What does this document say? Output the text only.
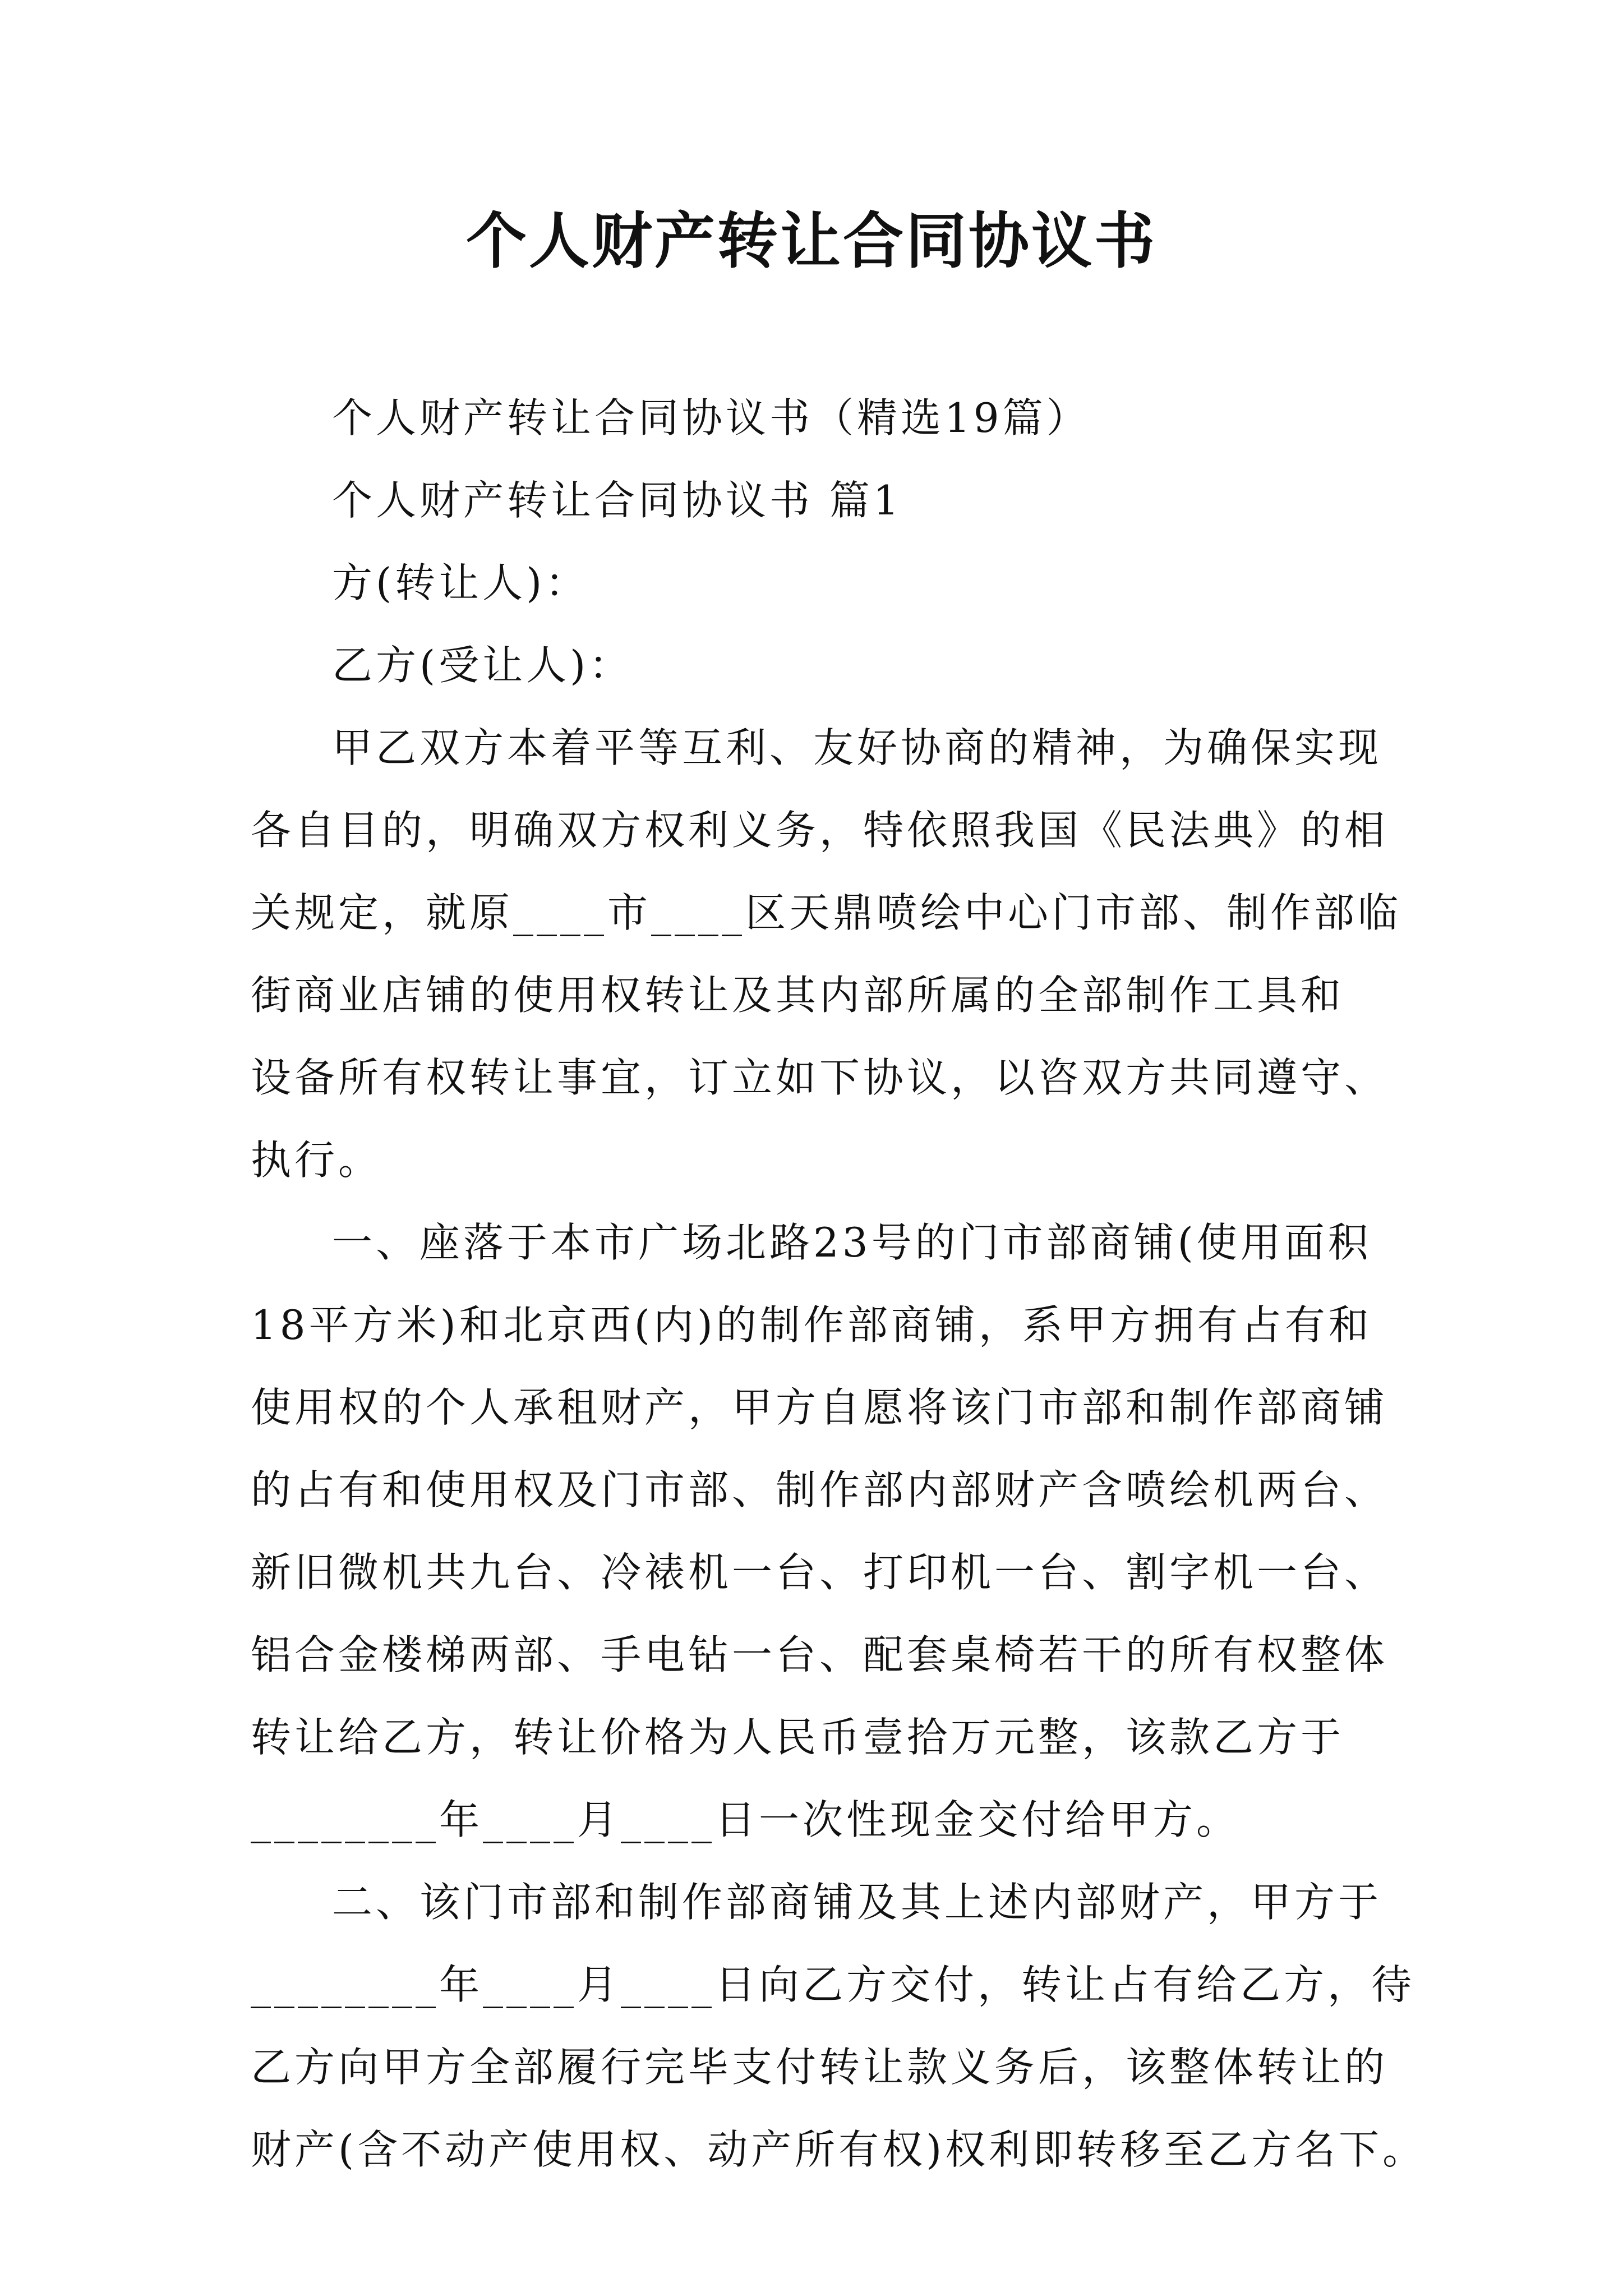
个人财产转让合同协议书
个人财产转让合同协议书（精选19篇）
个人财产转让合同协议书 篇1
方(转让人)：
乙方(受让人)：
甲乙双方本着平等互利、友好协商的精神，为确保实现
各自目的，明确双方权利义务，特依照我国《民法典》的相
关规定，就原____市____区天鼎喷绘中心门市部、制作部临
街商业店铺的使用权转让及其内部所属的全部制作工具和
设备所有权转让事宜，订立如下协议，以咨双方共同遵守、
执行。
一、座落于本市广场北路23号的门市部商铺(使用面积
18平方米)和北京西(内)的制作部商铺，系甲方拥有占有和
使用权的个人承租财产，甲方自愿将该门市部和制作部商铺
的占有和使用权及门市部、制作部内部财产含喷绘机两台、
新旧微机共九台、冷裱机一台、打印机一台、割字机一台、
铝合金楼梯两部、手电钻一台、配套桌椅若干的所有权整体
转让给乙方，转让价格为人民币壹拾万元整，该款乙方于
________年____月____日一次性现金交付给甲方。
二、该门市部和制作部商铺及其上述内部财产，甲方于
________年____月____日向乙方交付，转让占有给乙方，待
乙方向甲方全部履行完毕支付转让款义务后，该整体转让的
财产(含不动产使用权、动产所有权)权利即转移至乙方名下。
